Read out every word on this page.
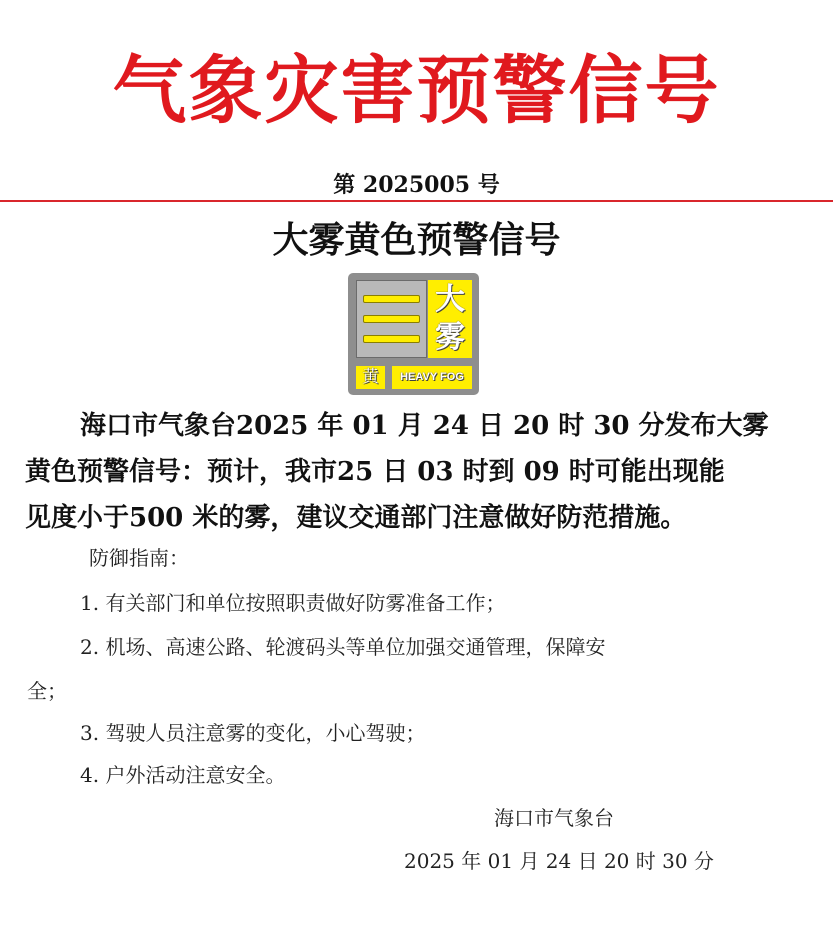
气象灾害预警信号
第 2025005 号
大雾黄色预警信号
大
雾
黄	HEAVY FOG
海口市气象台2025 年 01 月 24 日 20 时 30 分发布大雾
黄色预警信号：预计，我市25 日 03 时到 09 时可能出现能
见度小于500 米的雾，建议交通部门注意做好防范措施。
防御指南：
1. 有关部门和单位按照职责做好防雾准备工作；
2. 机场、高速公路、轮渡码头等单位加强交通管理，保障安
全；
3. 驾驶人员注意雾的变化，小心驾驶；
4. 户外活动注意安全。
海口市气象台
2025 年 01 月 24 日 20 时 30 分
